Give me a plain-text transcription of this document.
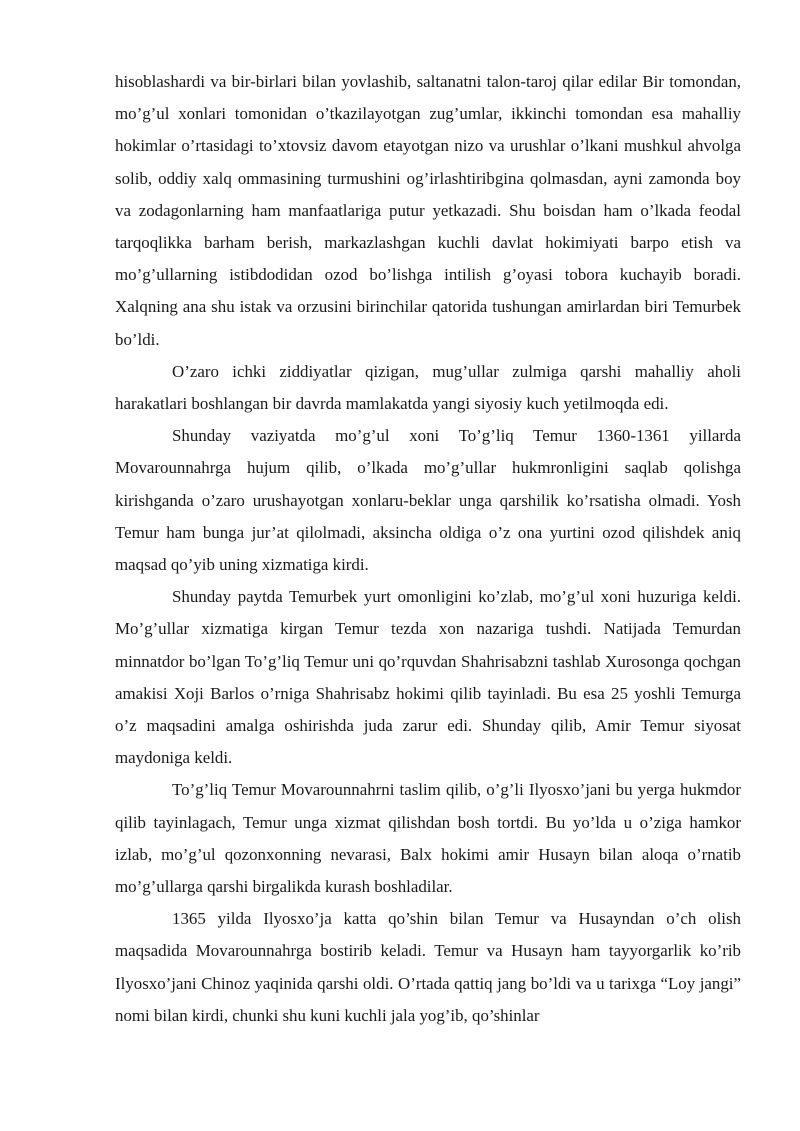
hisoblashardi va bir-birlari bilan yovlashib, saltanatni talon-taroj qilar edilar Bir tomondan, mo’g’ul xonlari tomonidan o’tkazilayotgan zug’umlar, ikkinchi tomondan esa mahalliy hokimlar o’rtasidagi to’xtovsiz davom etayotgan nizo va urushlar o’lkani mushkul ahvolga solib, oddiy xalq ommasining turmushini og’irlashtiribgina qolmasdan, ayni zamonda boy va zodagonlarning ham manfaatlariga putur yetkazadi. Shu boisdan ham o’lkada feodal tarqoqlikka barham berish, markazlashgan kuchli davlat hokimiyati barpo etish va mo’g’ullarning istibdodidan ozod bo’lishga intilish g’oyasi tobora kuchayib boradi. Xalqning ana shu istak va orzusini birinchilar qatorida tushungan amirlardan biri Temurbek bo’ldi.

O’zaro ichki ziddiyatlar qizigan, mug’ullar zulmiga qarshi mahalliy aholi harakatlari boshlangan bir davrda mamlakatda yangi siyosiy kuch yetilmoqda edi.

Shunday vaziyatda mo’g’ul xoni To’g’liq Temur 1360-1361 yillarda Movarounnahrga hujum qilib, o’lkada mo’g’ullar hukmronligini saqlab qolishga kirishganda o’zaro urushayotgan xonlaru-beklar unga qarshilik ko’rsatisha olmadi. Yosh Temur ham bunga jur’at qilolmadi, aksincha oldiga o’z ona yurtini ozod qilishdek aniq maqsad qo’yib uning xizmatiga kirdi.

Shunday paytda Temurbek yurt omonligini ko’zlab, mo’g’ul xoni huzuriga keldi. Mo’g’ullar xizmatiga kirgan Temur tezda xon nazariga tushdi. Natijada Temurdan minnatdor bo’lgan To’g’liq Temur uni qo’rquvdan Shahrisabzni tashlab Xurosonga qochgan amakisi Xoji Barlos o’rniga Shahrisabz hokimi qilib tayinladi. Bu esa 25 yoshli Temurga o’z maqsadini amalga oshirishda juda zarur edi. Shunday qilib, Amir Temur siyosat maydoniga keldi.

To’g’liq Temur Movarounnahrni taslim qilib, o’g’li Ilyosxo’jani bu yerga hukmdor qilib tayinlagach, Temur unga xizmat qilishdan bosh tortdi. Bu yo’lda u o’ziga hamkor izlab, mo’g’ul qozonxonning nevarasi, Balx hokimi amir Husayn bilan aloqa o’rnatib mo’g’ullarga qarshi birgalikda kurash boshladilar.

1365 yilda Ilyosxo’ja katta qo’shin bilan Temur va Husayndan o’ch olish maqsadida Movarounnahrga bostirib keladi. Temur va Husayn ham tayyorgarlik ko’rib Ilyosxo’jani Chinoz yaqinida qarshi oldi. O’rtada qattiq jang bo’ldi va u tarixga “Loy jangi” nomi bilan kirdi, chunki shu kuni kuchli jala yog’ib, qo’shinlar
